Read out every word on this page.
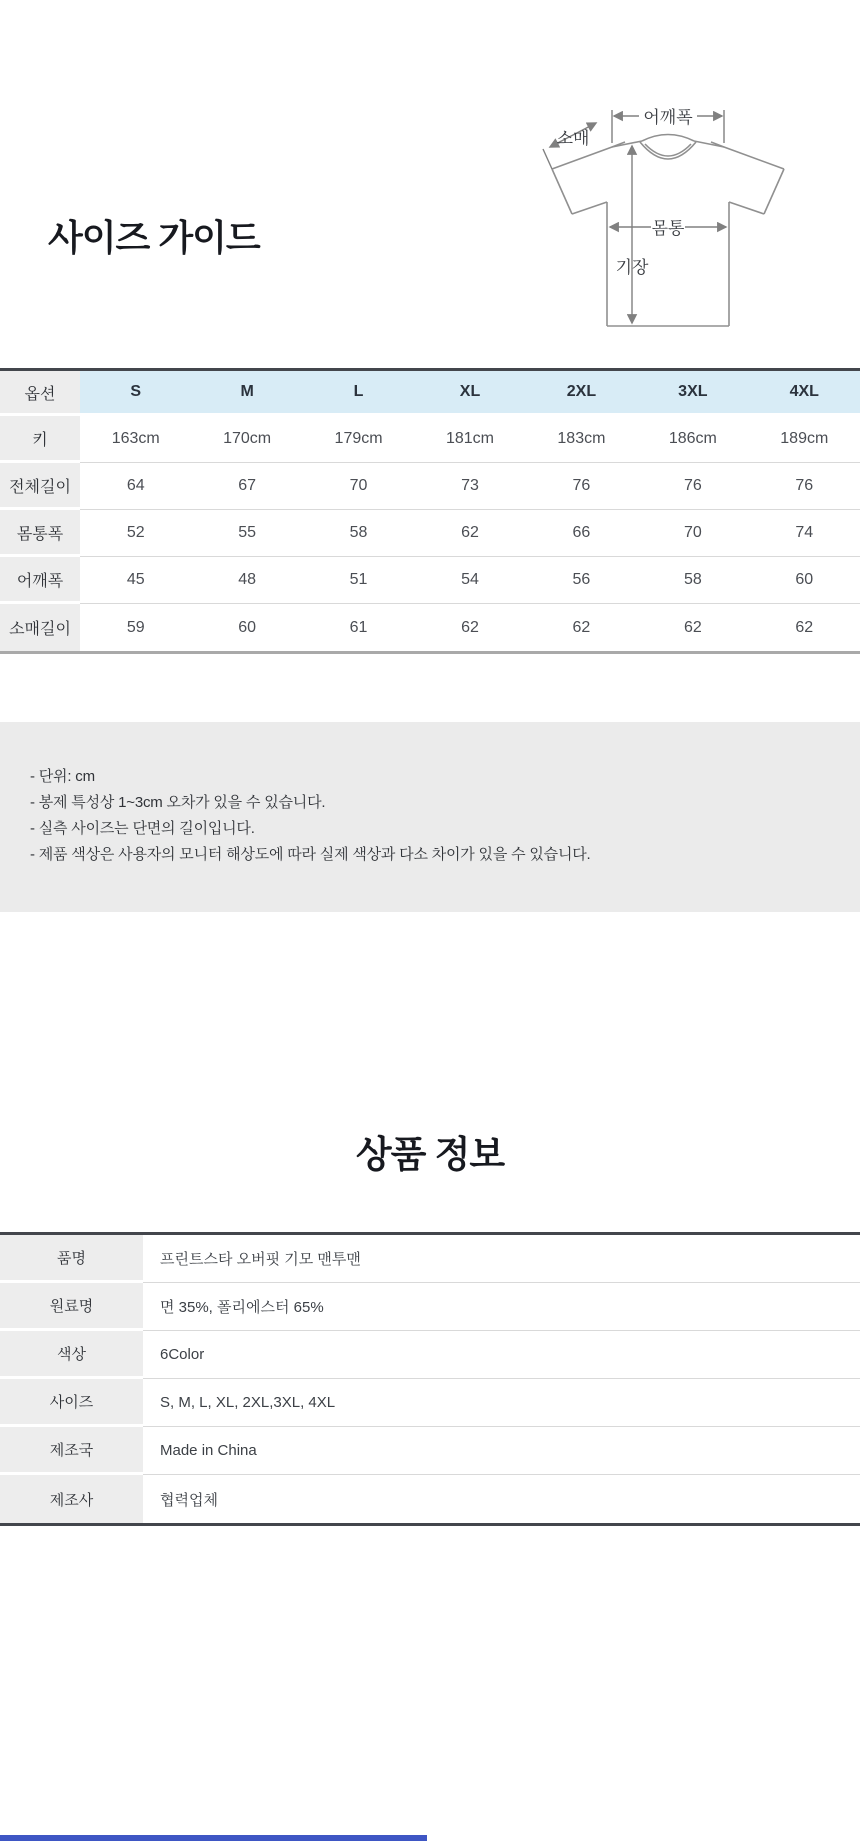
사이즈 가이드
어깨폭
소매
몸통
기장
옵션	S	M	L	XL	2XL	3XL	4XL
키	163cm	170cm	179cm	181cm	183cm	186cm	189cm
전체길이	64	67	70	73	76	76	76
몸통폭	52	55	58	62	66	70	74
어깨폭	45	48	51	54	56	58	60
소매길이	59	60	61	62	62	62	62
- 단위: cm
- 봉제 특성상 1~3cm 오차가 있을 수 있습니다.
- 실측 사이즈는 단면의 길이입니다.
- 제품 색상은 사용자의 모니터 해상도에 따라 실제 색상과 다소 차이가 있을 수 있습니다.
상품 정보
품명	프린트스타 오버핏 기모 맨투맨
원료명	면 35%, 폴리에스터 65%
색상	6Color
사이즈	S, M, L, XL, 2XL,3XL, 4XL
제조국	Made in China
제조사	협력업체
